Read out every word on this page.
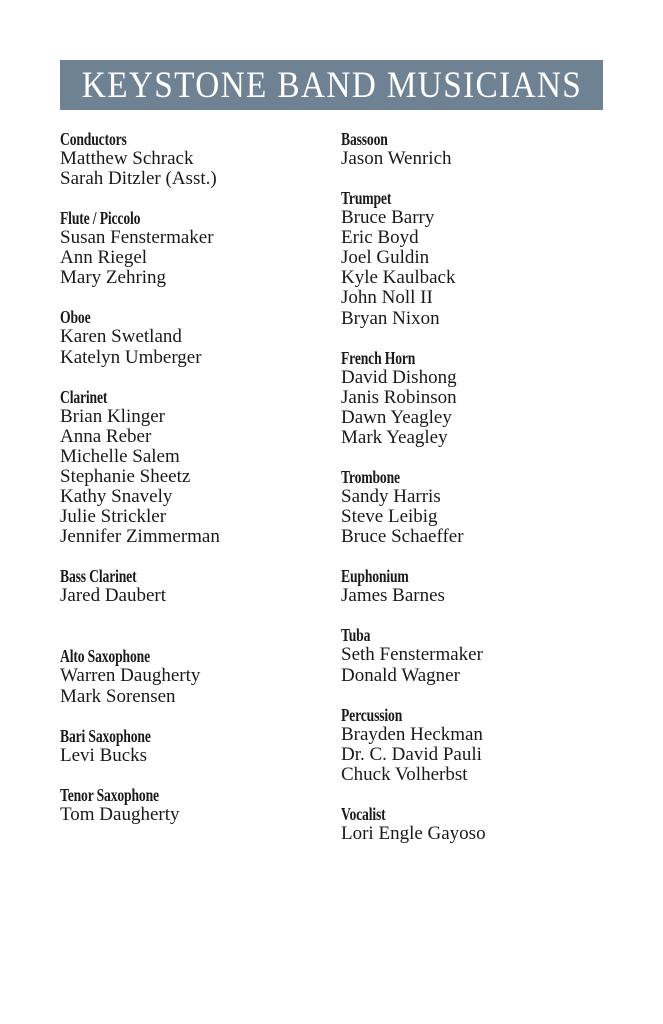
KEYSTONE BAND MUSICIANS
Conductors
Matthew Schrack
Sarah Ditzler (Asst.)
Flute / Piccolo
Susan Fenstermaker
Ann Riegel
Mary Zehring
Oboe
Karen Swetland
Katelyn Umberger
Clarinet
Brian Klinger
Anna Reber
Michelle Salem
Stephanie Sheetz
Kathy Snavely
Julie Strickler
Jennifer Zimmerman
Bass Clarinet
Jared Daubert
Alto Saxophone
Warren Daugherty
Mark Sorensen
Bari Saxophone
Levi Bucks
Tenor Saxophone
Tom Daugherty
Bassoon
Jason Wenrich
Trumpet
Bruce Barry
Eric Boyd
Joel Guldin
Kyle Kaulback
John Noll II
Bryan Nixon
French Horn
David Dishong
Janis Robinson
Dawn Yeagley
Mark Yeagley
Trombone
Sandy Harris
Steve Leibig
Bruce Schaeffer
Euphonium
James Barnes
Tuba
Seth Fenstermaker
Donald Wagner
Percussion
Brayden Heckman
Dr. C. David Pauli
Chuck Volherbst
Vocalist
Lori Engle Gayoso
